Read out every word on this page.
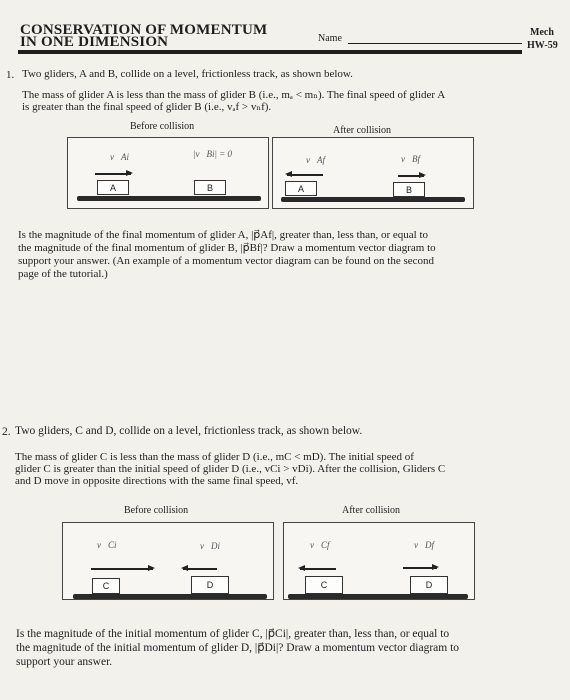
CONSERVATION OF MOMENTUM
IN ONE DIMENSION	Name
Mech
HW-59
1. Two gliders, A and B, collide on a level, frictionless track, as shown below.
The mass of glider A is less than the mass of glider B (i.e., mₐ < mₙ). The final speed of glider A
is greater than the final speed of glider B (i.e., vₐf > vₙf).
Before collision	After collision
v⃗Ai	|v⃗Bi| = 0
A	B
v⃗Af	v⃗Bf
A	B
Is the magnitude of the final momentum of glider A, |p⃗Af|, greater than, less than, or equal to
the magnitude of the final momentum of glider B, |p⃗Bf|? Draw a momentum vector diagram to
support your answer. (An example of a momentum vector diagram can be found on the second
page of the tutorial.)
2. Two gliders, C and D, collide on a level, frictionless track, as shown below.
The mass of glider C is less than the mass of glider D (i.e., mC < mD). The initial speed of
glider C is greater than the initial speed of glider D (i.e., vCi > vDi). After the collision, Gliders C
and D move in opposite directions with the same final speed, vf.
Before collision	After collision
v⃗Ci	v⃗Di
C	D
v⃗Cf	v⃗Df
C	D
Is the magnitude of the initial momentum of glider C, |p⃗Ci|, greater than, less than, or equal to
the magnitude of the initial momentum of glider D, |p⃗Di|? Draw a momentum vector diagram to
support your answer.
